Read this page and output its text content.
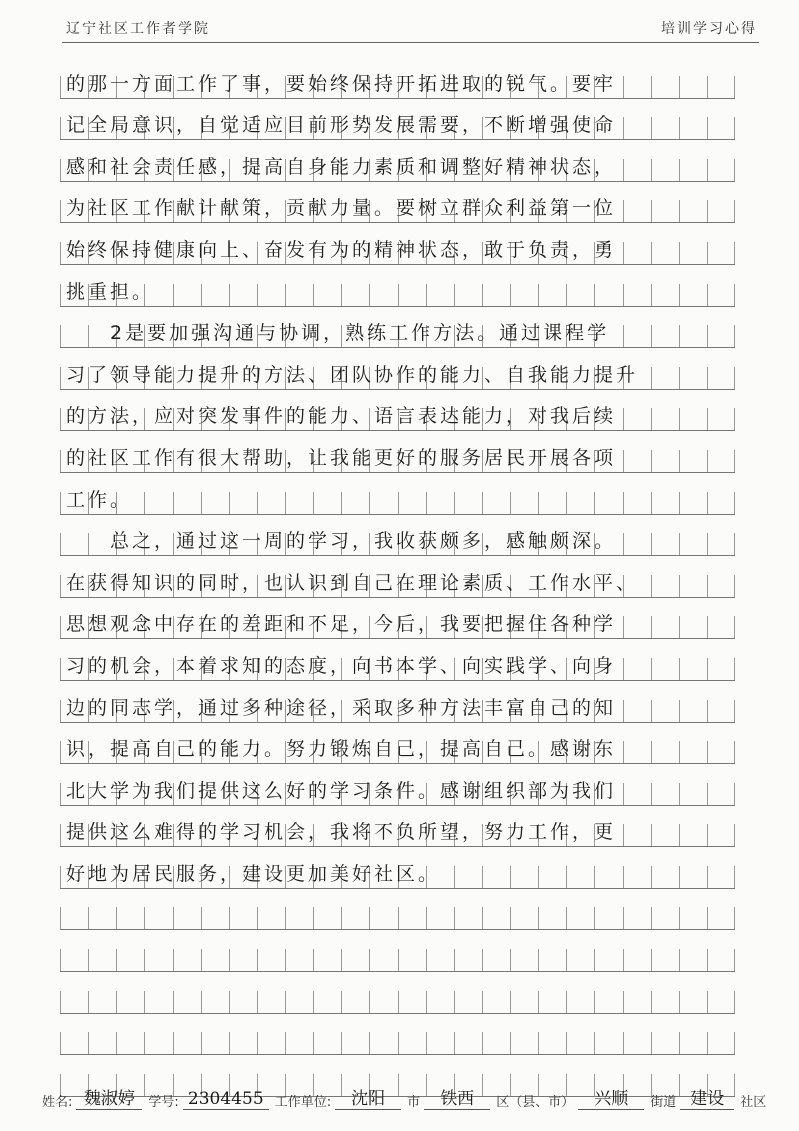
辽宁社区工作者学院	培训学习心得
的那一方面工作了事，要始终保持开拓进取的锐气。要牢
记全局意识，自觉适应目前形势发展需要，不断增强使命
感和社会责任感，提高自身能力素质和调整好精神状态，
为社区工作献计献策，贡献力量。要树立群众利益第一位
始终保持健康向上、奋发有为的精神状态，敢于负责，勇
挑重担。
　　2是要加强沟通与协调，熟练工作方法。通过课程学
习了领导能力提升的方法、团队协作的能力、自我能力提升
的方法，应对突发事件的能力、语言表达能力，对我后续
的社区工作有很大帮助，让我能更好的服务居民开展各项
工作。
　　总之，通过这一周的学习，我收获颇多，感触颇深。
在获得知识的同时，也认识到自己在理论素质、工作水平、
思想观念中存在的差距和不足，今后，我要把握住各种学
习的机会，本着求知的态度，向书本学、向实践学、向身
边的同志学，通过多种途径，采取多种方法丰富自己的知
识，提高自己的能力。努力锻炼自己，提高自己。感谢东
北大学为我们提供这么好的学习条件。感谢组织部为我们
提供这么难得的学习机会，我将不负所望，努力工作，更
好地为居民服务，建设更加美好社区。
姓名: 魏淑婷	学号: 2304455 工作单位:	沈阳	市	铁西	区（县、市）	兴顺	街道 建设	社区
